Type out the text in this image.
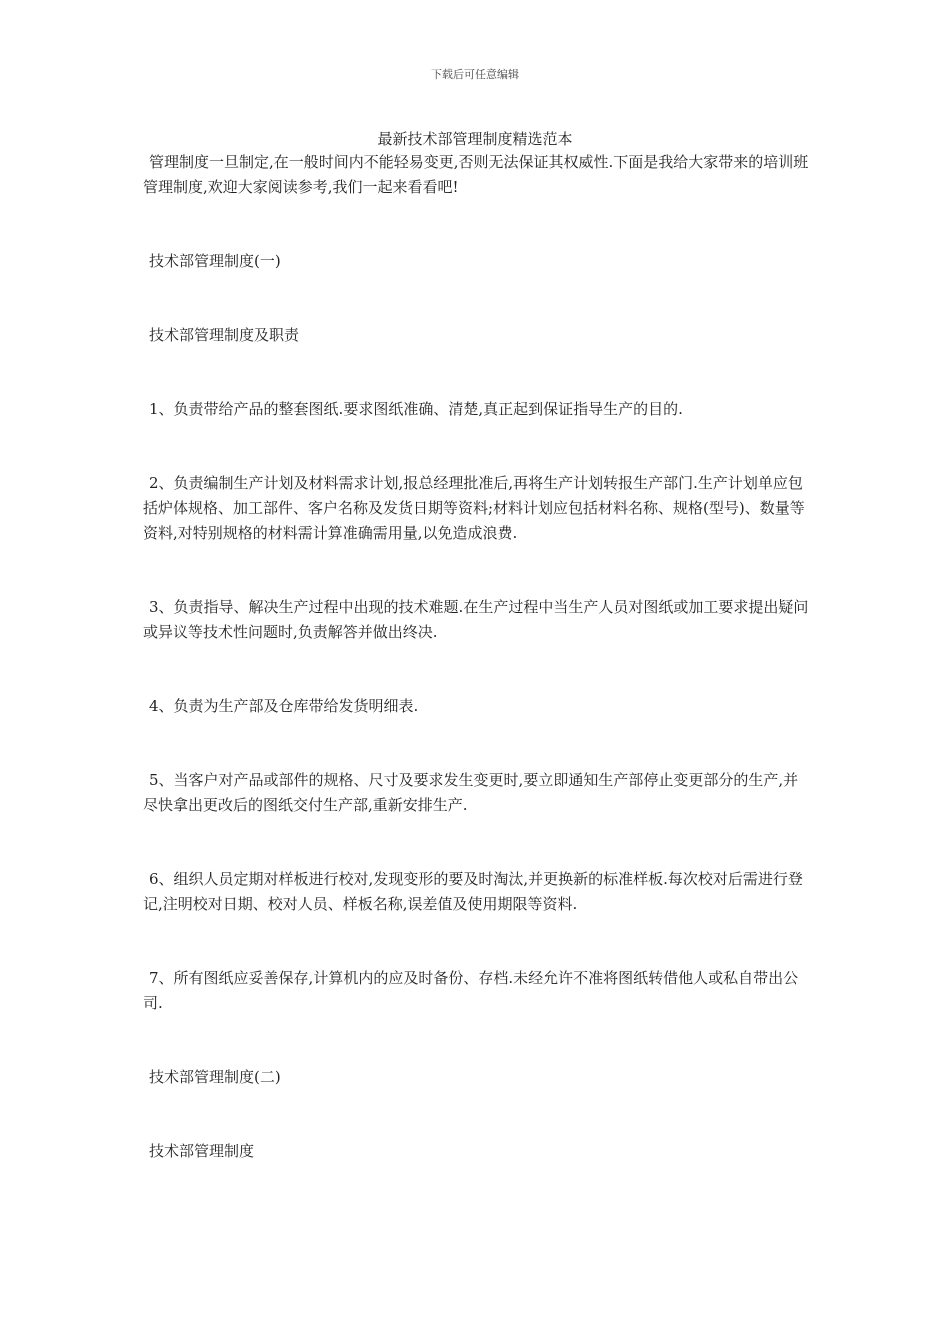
下载后可任意编辑
最新技术部管理制度精选范本

管理制度一旦制定,在一般时间内不能轻易变更,否则无法保证其权威性.下面是我给大家带来的培训班管理制度,欢迎大家阅读参考,我们一起来看看吧!

技术部管理制度(一)

技术部管理制度及职责

1、负责带给产品的整套图纸.要求图纸准确、清楚,真正起到保证指导生产的目的.

2、负责编制生产计划及材料需求计划,报总经理批准后,再将生产计划转报生产部门.生产计划单应包括炉体规格、加工部件、客户名称及发货日期等资料;材料计划应包括材料名称、规格(型号)、数量等资料,对特别规格的材料需计算准确需用量,以免造成浪费.

3、负责指导、解决生产过程中出现的技术难题.在生产过程中当生产人员对图纸或加工要求提出疑问或异议等技术性问题时,负责解答并做出终决.

4、负责为生产部及仓库带给发货明细表.

5、当客户对产品或部件的规格、尺寸及要求发生变更时,要立即通知生产部停止变更部分的生产,并尽快拿出更改后的图纸交付生产部,重新安排生产.

6、组织人员定期对样板进行校对,发现变形的要及时淘汰,并更换新的标准样板.每次校对后需进行登记,注明校对日期、校对人员、样板名称,误差值及使用期限等资料.

7、所有图纸应妥善保存,计算机内的应及时备份、存档.未经允许不准将图纸转借他人或私自带出公司.

技术部管理制度(二)

技术部管理制度
